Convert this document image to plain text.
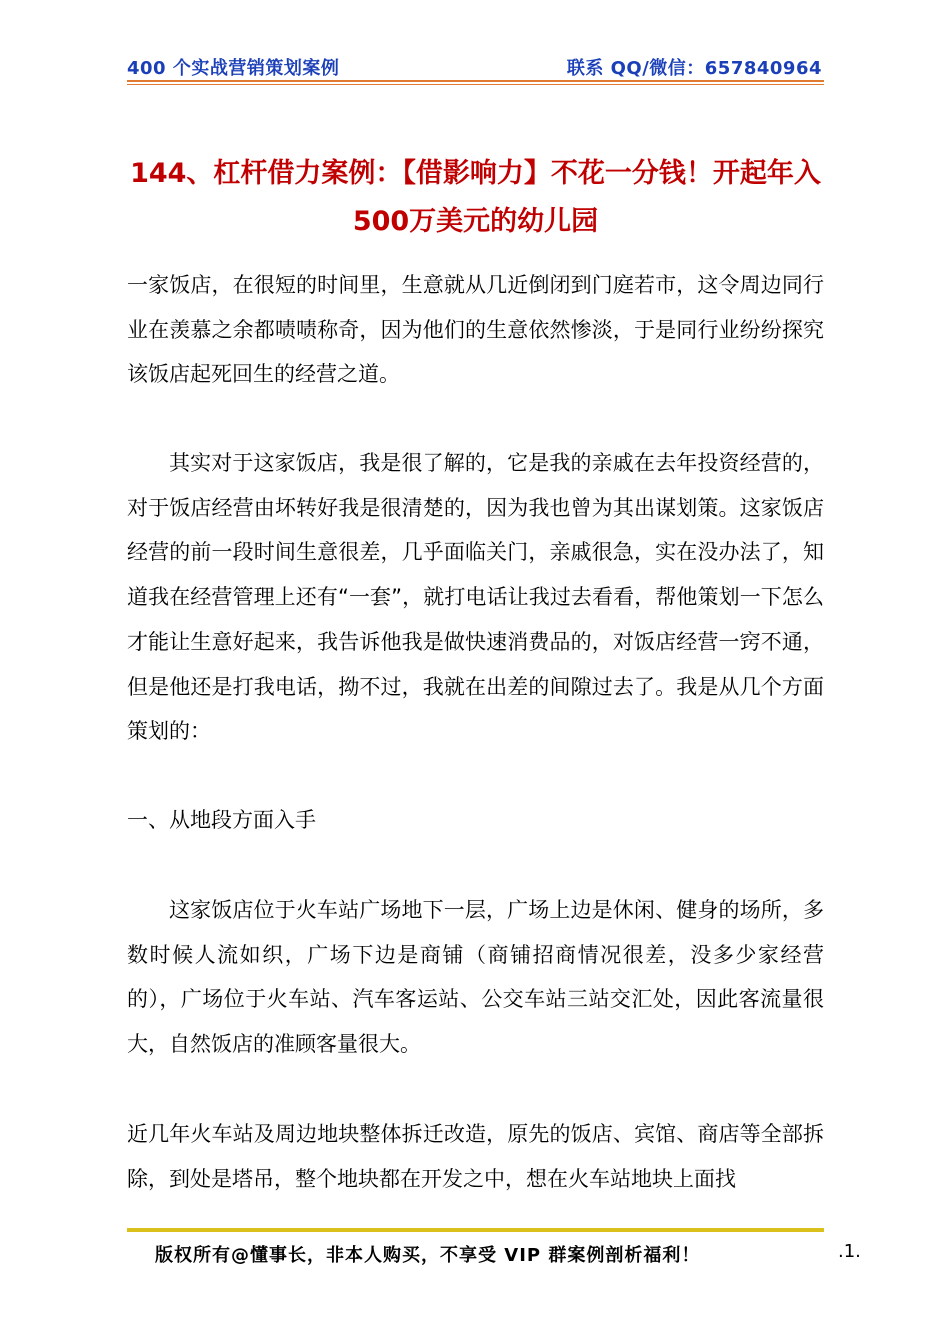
400 个实战营销策划案例	联系 QQ/微信：657840964
144、杠杆借力案例：【借影响力】不花一分钱！开起年入500万美元的幼儿园

一家饭店，在很短的时间里，生意就从几近倒闭到门庭若市，这令周边同行业在羡慕之余都啧啧称奇，因为他们的生意依然惨淡，于是同行业纷纷探究该饭店起死回生的经营之道。

其实对于这家饭店，我是很了解的，它是我的亲戚在去年投资经营的，对于饭店经营由坏转好我是很清楚的，因为我也曾为其出谋划策。这家饭店经营的前一段时间生意很差，几乎面临关门，亲戚很急，实在没办法了，知道我在经营管理上还有“一套”，就打电话让我过去看看，帮他策划一下怎么才能让生意好起来，我告诉他我是做快速消费品的，对饭店经营一窍不通，但是他还是打我电话，拗不过，我就在出差的间隙过去了。我是从几个方面策划的：

一、从地段方面入手

这家饭店位于火车站广场地下一层，广场上边是休闲、健身的场所，多数时候人流如织，广场下边是商铺（商铺招商情况很差，没多少家经营的），广场位于火车站、汽车客运站、公交车站三站交汇处，因此客流量很大，自然饭店的准顾客量很大。

近几年火车站及周边地块整体拆迁改造，原先的饭店、宾馆、商店等全部拆除，到处是塔吊，整个地块都在开发之中，想在火车站地块上面找

版权所有@懂事长，非本人购买，不享受 VIP 群案例剖析福利！	.1.
